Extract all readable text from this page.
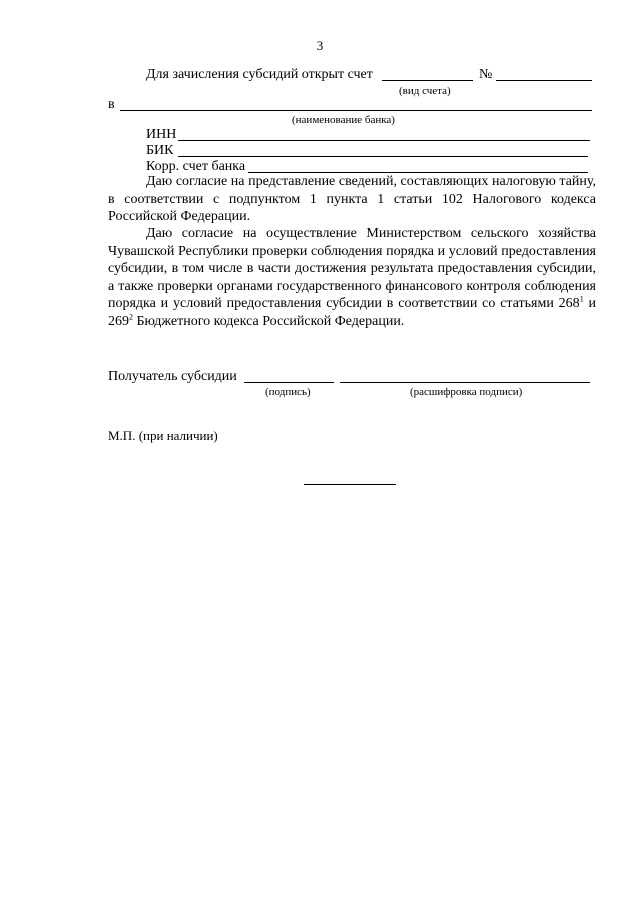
3
Для зачисления субсидий открыт счет	№
(вид счета)
в
(наименование банка)
ИНН
БИК
Корр. счет банка
Даю согласие на представление сведений, составляющих налоговую тайну, в соответствии с подпунктом 1 пункта 1 статьи 102 Налогового кодекса Российской Федерации.
Даю согласие на осуществление Министерством сельского хозяйства Чувашской Республики проверки соблюдения порядка и условий предоставления субсидии, в том числе в части достижения результата предоставления субсидии, а также проверки органами государственного финансового контроля соблюдения порядка и условий предоставления субсидии в соответствии со статьями $268^1$ и $269^2$ Бюджетного кодекса Российской Федерации.
Получатель субсидии
(подпись)	(расшифровка подписи)
М.П. (при наличии)
